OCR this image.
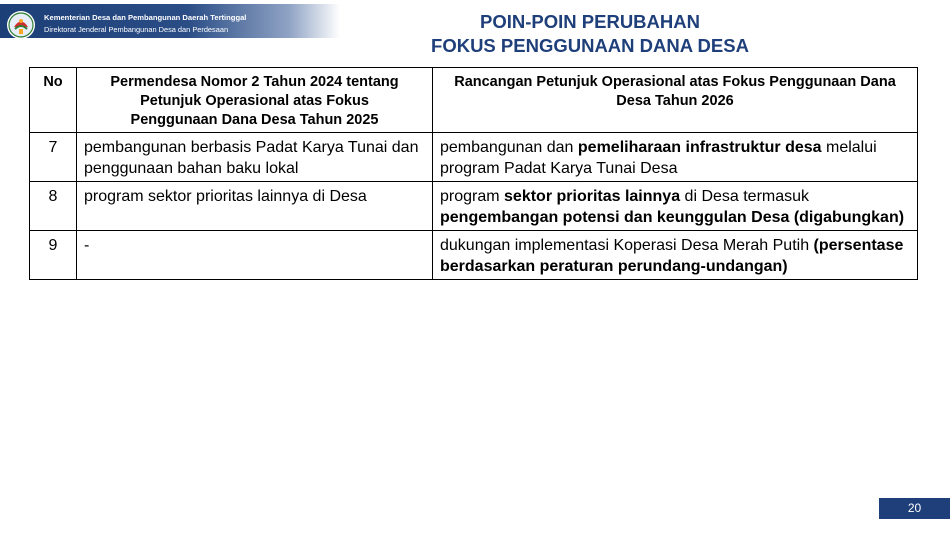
Kementerian Desa dan Pembangunan Daerah Tertinggal
Direktorat Jenderal Pembangunan Desa dan Perdesaan	POIN-POIN PERUBAHAN
FOKUS PENGGUNAAN DANA DESA
No	Permendesa Nomor 2 Tahun 2024 tentang Petunjuk Operasional atas Fokus Penggunaan Dana Desa Tahun 2025	Rancangan Petunjuk Operasional atas Fokus Penggunaan Dana Desa Tahun 2026
7	pembangunan berbasis Padat Karya Tunai dan penggunaan bahan baku lokal	pembangunan dan pemeliharaan infrastruktur desa melalui program Padat Karya Tunai Desa
8	program sektor prioritas lainnya di Desa	program sektor prioritas lainnya di Desa termasuk pengembangan potensi dan keunggulan Desa (digabungkan)
9	-	dukungan implementasi Koperasi Desa Merah Putih (persentase berdasarkan peraturan perundang-undangan)
20
